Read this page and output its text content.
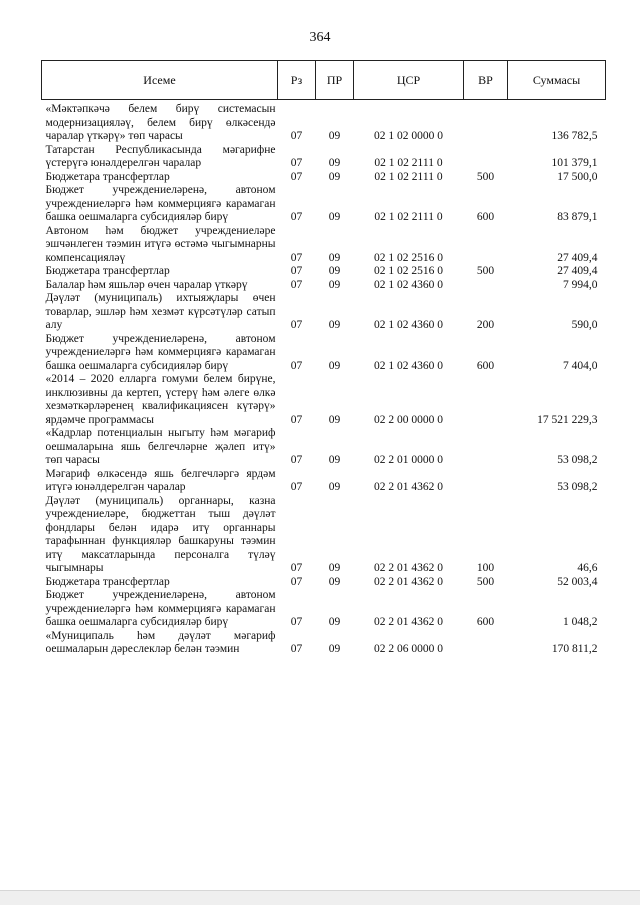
364
Исеме	Рз	ПР	ЦСР	ВР	Суммасы
«Мәктәпкәчә белем бирү системасын модернизацияләү, белем бирү өлкәсендә чаралар үткәрү» төп чарасы	07	09	02 1 02 0000 0		136 782,5
Татарстан Республикасында мәгарифне үстерүгә юнәлдерелгән чаралар	07	09	02 1 02 2111 0		101 379,1
Бюджетара трансфертлар	07	09	02 1 02 2111 0	500	17 500,0
Бюджет учреждениеләренә, автоном учреждениеләргә һәм коммерциягә карамаган башка оешмаларга субсидияләр бирү	07	09	02 1 02 2111 0	600	83 879,1
Автоном һәм бюджет учреждениеләре эшчәнлеген тәэмин итүгә өстәмә чыгымнарны компенсацияләү	07	09	02 1 02 2516 0		27 409,4
Бюджетара трансфертлар	07	09	02 1 02 2516 0	500	27 409,4
Балалар һәм яшьләр өчен чаралар үткәрү	07	09	02 1 02 4360 0		7 994,0
Дәүләт (муниципаль) ихтыяҗлары өчен товарлар, эшләр һәм хезмәт күрсәтүләр сатып алу	07	09	02 1 02 4360 0	200	590,0
Бюджет учреждениеләренә, автоном учреждениеләргә һәм коммерциягә карамаган башка оешмаларга субсидияләр бирү	07	09	02 1 02 4360 0	600	7 404,0
«2014 – 2020 елларга гомуми белем бирүне, инклюзивны да кертеп, үстерү һәм әлеге өлкә хезмәткәрләренең квалификациясен күтәрү» ярдәмче программасы	07	09	02 2 00 0000 0		17 521 229,3
«Кадрлар потенциалын ныгыту һәм мәгариф оешмаларына яшь белгечләрне җәлеп итү» төп чарасы	07	09	02 2 01 0000 0		53 098,2
Мәгариф өлкәсендә яшь белгечләргә ярдәм итүгә юнәлдерелгән чаралар	07	09	02 2 01 4362 0		53 098,2
Дәүләт (муниципаль) органнары, казна учреждениеләре, бюджеттан тыш дәүләт фондлары белән идарә итү органнары тарафыннан функцияләр башкаруны тәэмин итү максатларында персоналга түләү чыгымнары	07	09	02 2 01 4362 0	100	46,6
Бюджетара трансфертлар	07	09	02 2 01 4362 0	500	52 003,4
Бюджет учреждениеләренә, автоном учреждениеләргә һәм коммерциягә карамаган башка оешмаларга субсидияләр бирү	07	09	02 2 01 4362 0	600	1 048,2
«Муниципаль һәм дәүләт мәгариф оешмаларын дәреслекләр белән тәэмин	07	09	02 2 06 0000 0		170 811,2
